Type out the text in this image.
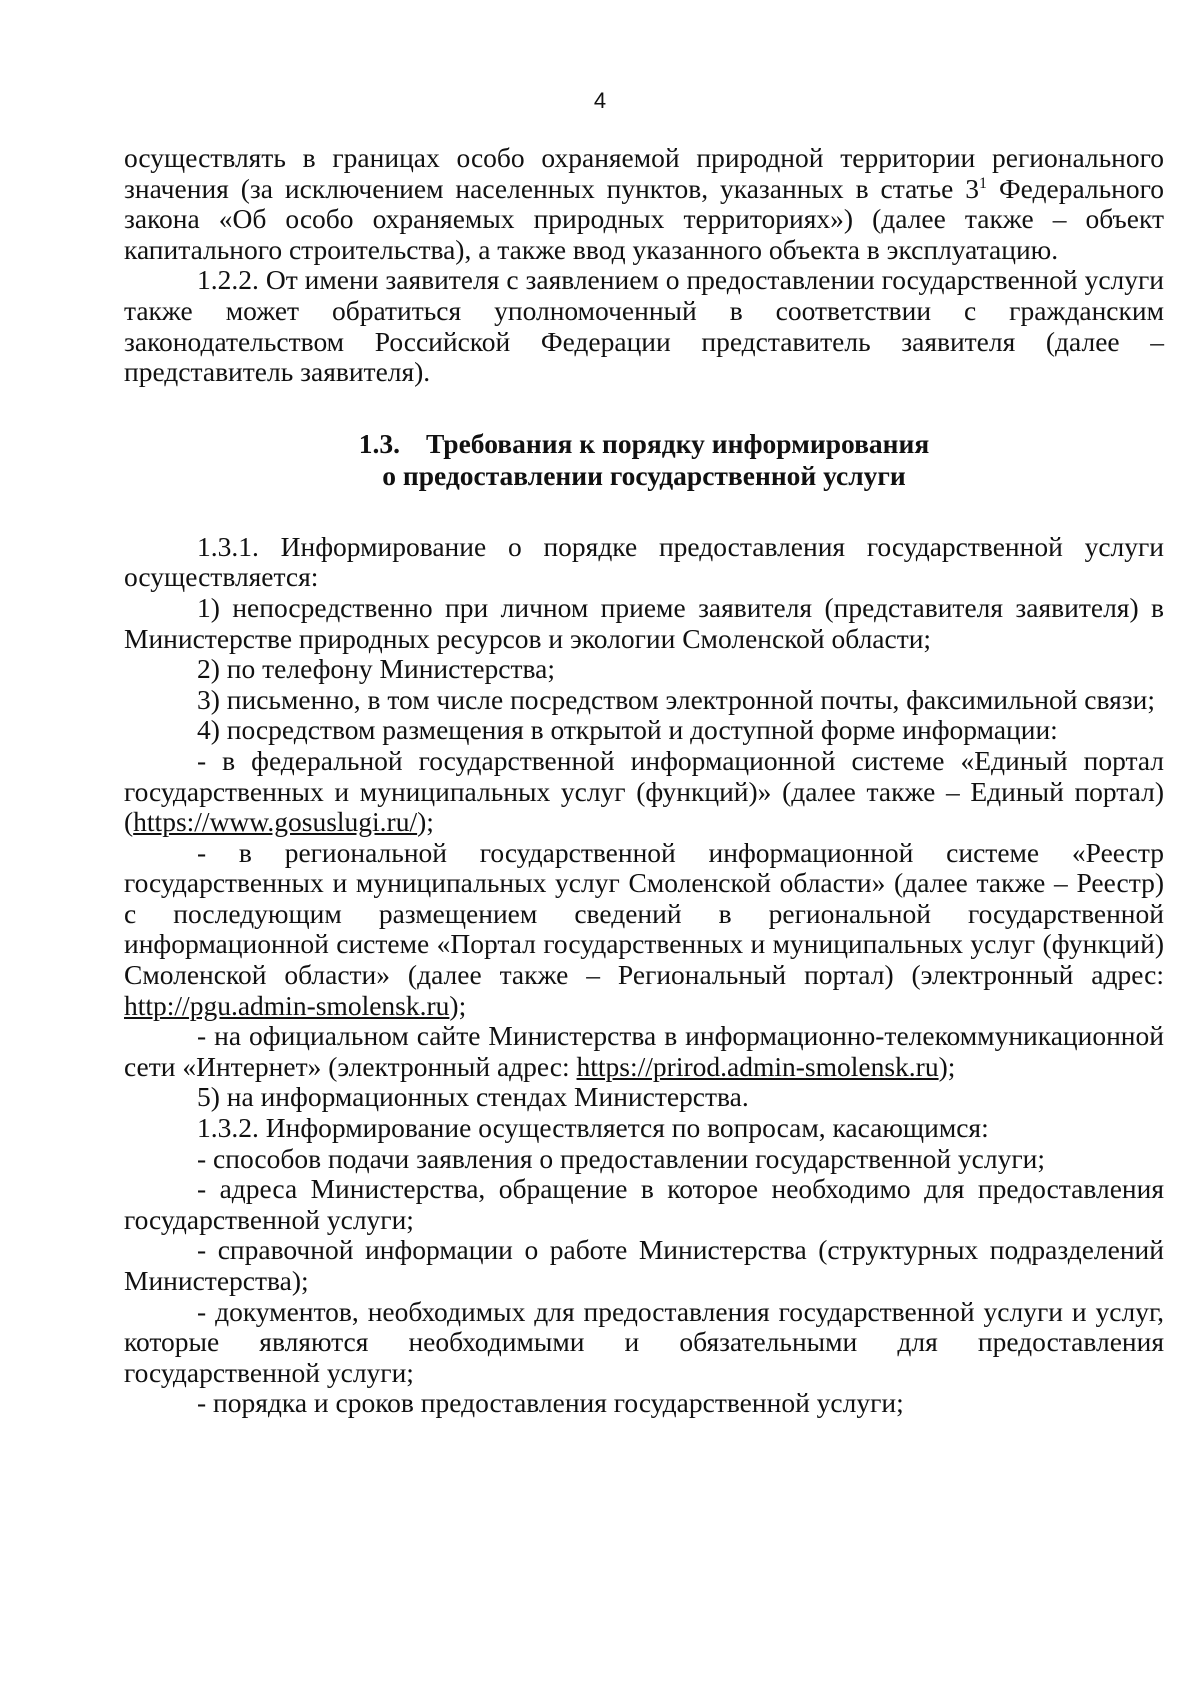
4

осуществлять в границах особо охраняемой природной территории регионального значения (за исключением населенных пунктов, указанных в статье $3^1$ Федерального закона «Об особо охраняемых природных территориях») (далее также – объект капитального строительства), а также ввод указанного объекта в эксплуатацию.

1.2.2. От имени заявителя с заявлением о предоставлении государственной услуги также может обратиться уполномоченный в соответствии с гражданским законодательством Российской Федерации представитель заявителя (далее – представитель заявителя).

1.3. Требования к порядку информирования
о предоставлении государственной услуги

1.3.1. Информирование о порядке предоставления государственной услуги осуществляется:

1) непосредственно при личном приеме заявителя (представителя заявителя) в Министерстве природных ресурсов и экологии Смоленской области;

2) по телефону Министерства;

3) письменно, в том числе посредством электронной почты, факсимильной связи;

4) посредством размещения в открытой и доступной форме информации:

- в федеральной государственной информационной системе «Единый портал государственных и муниципальных услуг (функций)» (далее также – Единый портал) (https://www.gosuslugi.ru/);

- в региональной государственной информационной системе «Реестр государственных и муниципальных услуг Смоленской области» (далее также – Реестр) с последующим размещением сведений в региональной государственной информационной системе «Портал государственных и муниципальных услуг (функций) Смоленской области» (далее также – Региональный портал) (электронный адрес: http://pgu.admin-smolensk.ru);

- на официальном сайте Министерства в информационно-телекоммуникационной сети «Интернет» (электронный адрес: https://prirod.admin-smolensk.ru);

5) на информационных стендах Министерства.

1.3.2. Информирование осуществляется по вопросам, касающимся:

- способов подачи заявления о предоставлении государственной услуги;

- адреса Министерства, обращение в которое необходимо для предоставления государственной услуги;

- справочной информации о работе Министерства (структурных подразделений Министерства);

- документов, необходимых для предоставления государственной услуги и услуг, которые являются необходимыми и обязательными для предоставления государственной услуги;

- порядка и сроков предоставления государственной услуги;
